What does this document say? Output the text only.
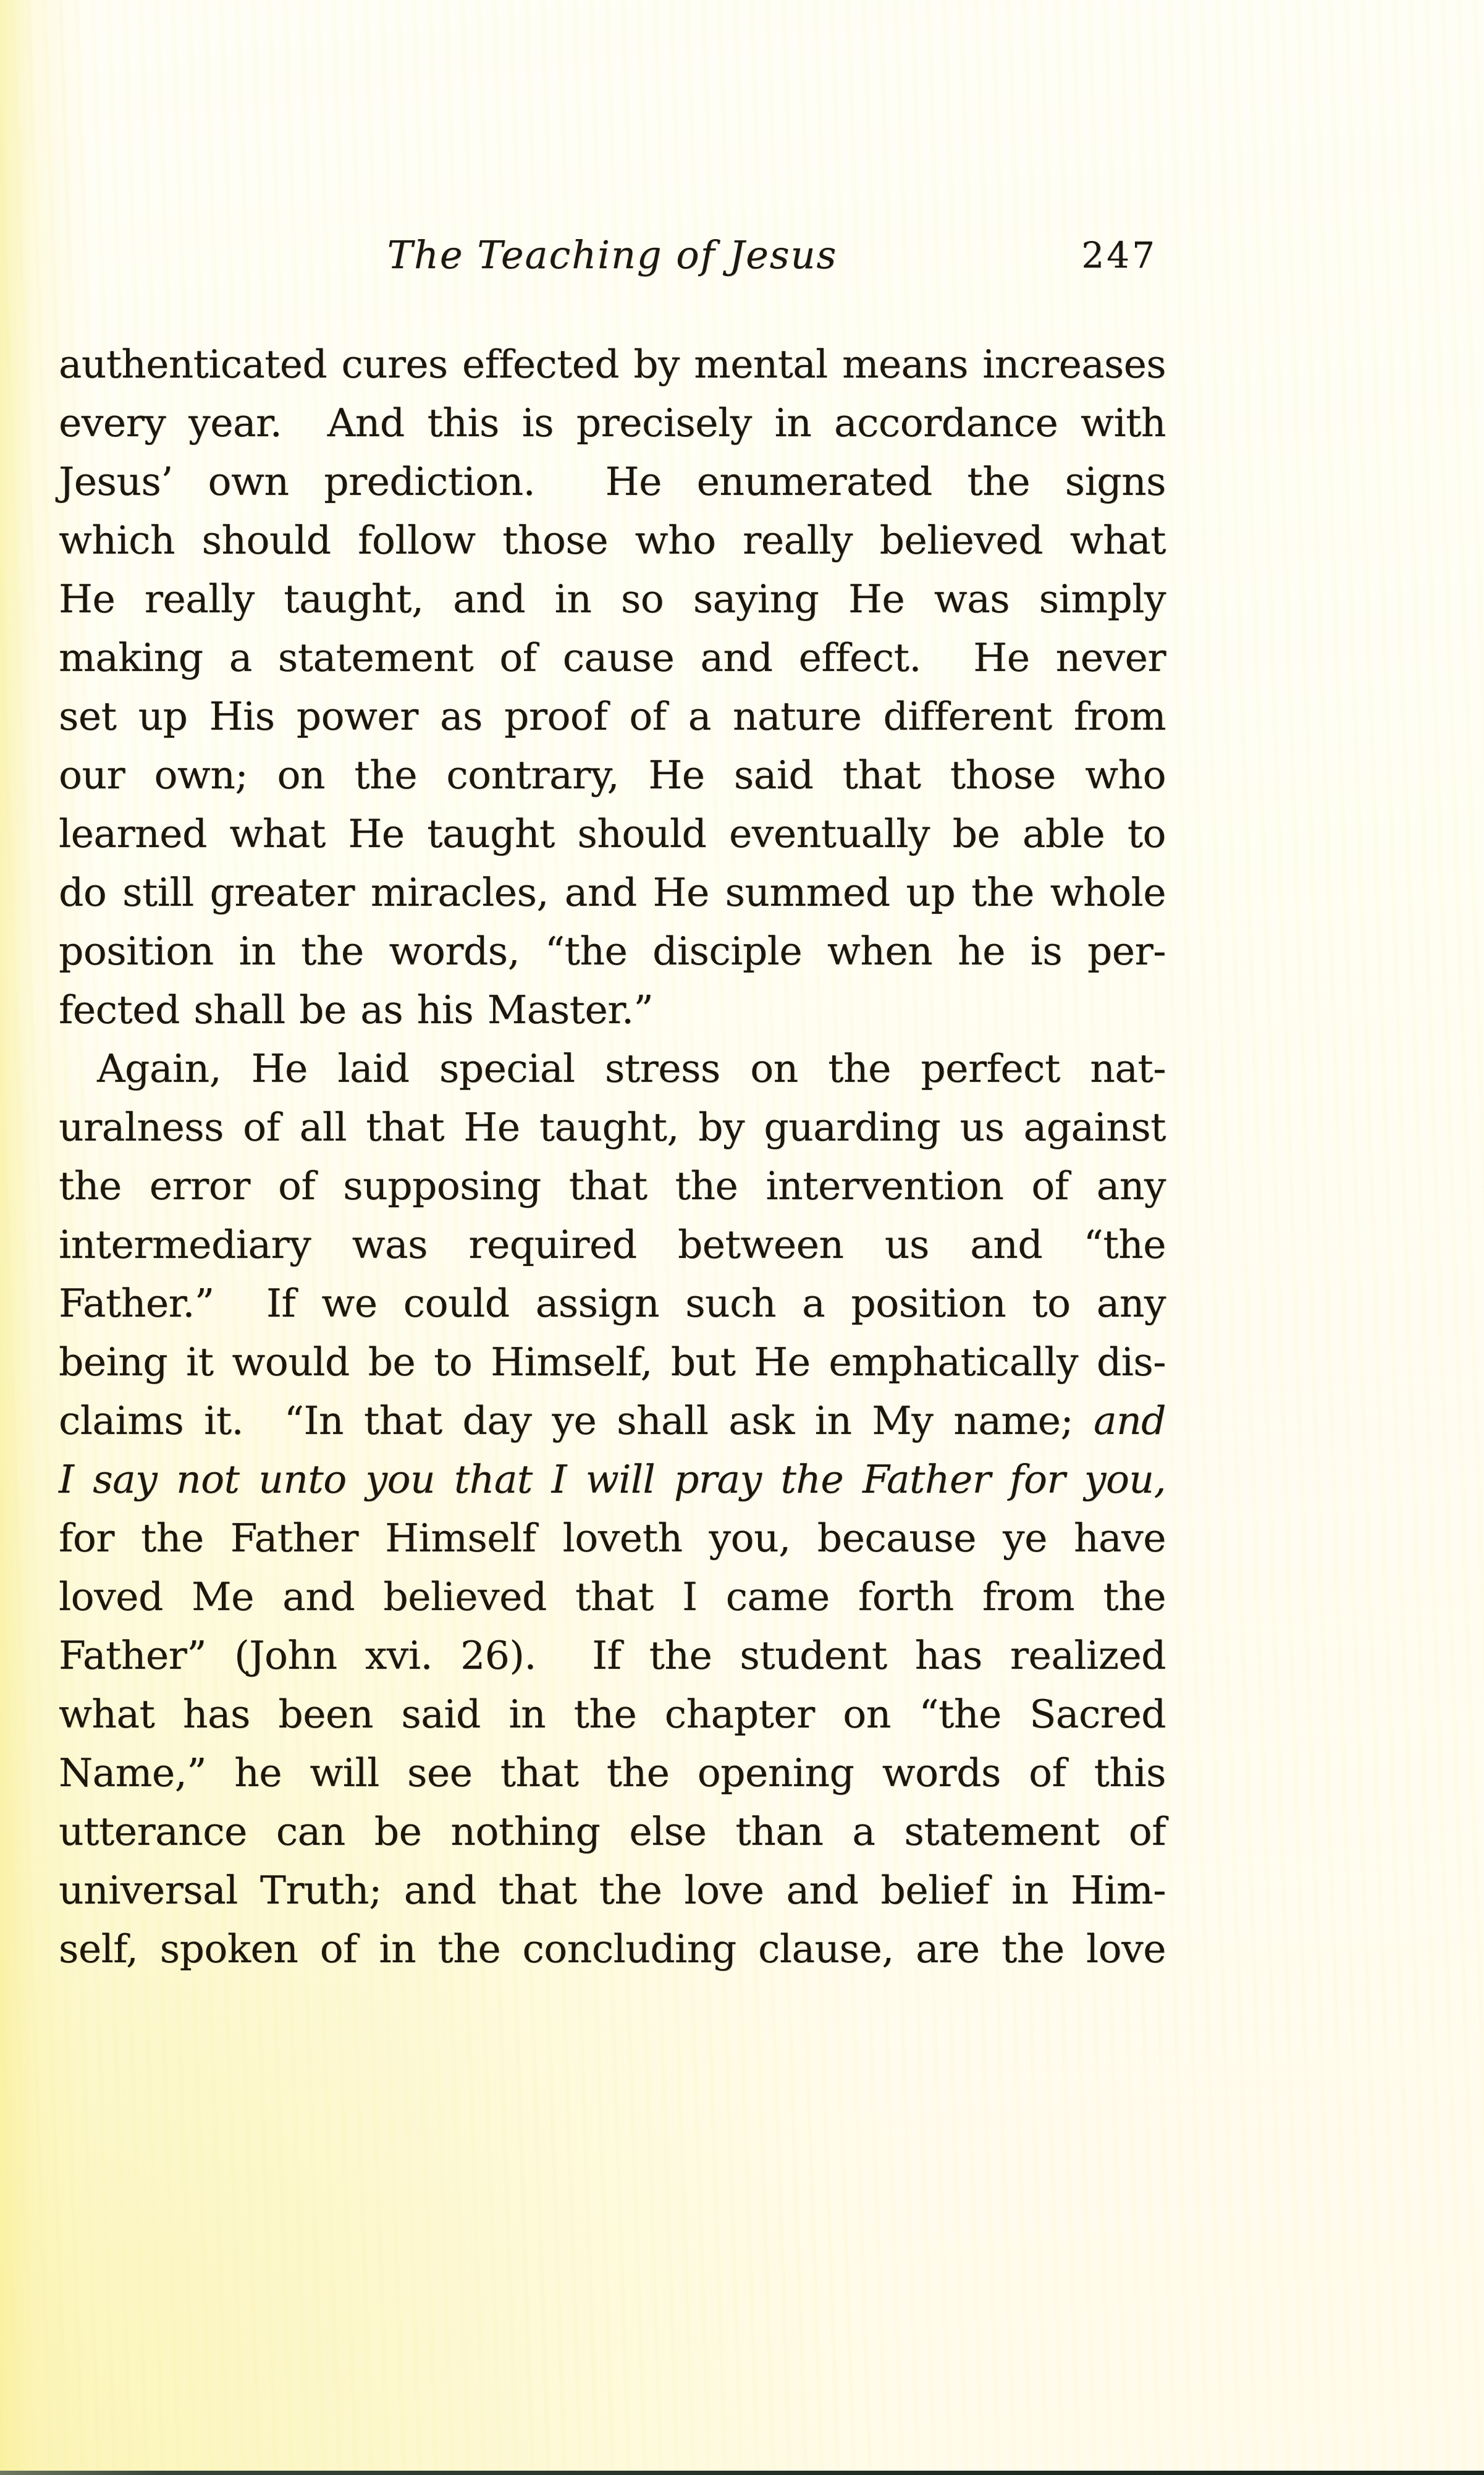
The Teaching of Jesus	247
authenticated cures effected by mental means increases
every year.  And this is precisely in accordance with
Jesus’ own prediction.  He enumerated the signs
which should follow those who really believed what
He really taught, and in so saying He was simply
making a statement of cause and effect.  He never
set up His power as proof of a nature different from
our own; on the contrary, He said that those who
learned what He taught should eventually be able to
do still greater miracles, and He summed up the whole
position in the words, “the disciple when he is per-
fected shall be as his Master.”
Again, He laid special stress on the perfect nat-
uralness of all that He taught, by guarding us against
the error of supposing that the intervention of any
intermediary was required between us and “the
Father.”  If we could assign such a position to any
being it would be to Himself, but He emphatically dis-
claims it.  “In that day ye shall ask in My name; and
I say not unto you that I will pray the Father for you,
for the Father Himself loveth you, because ye have
loved Me and believed that I came forth from the
Father” (John xvi. 26).  If the student has realized
what has been said in the chapter on “the Sacred
Name,” he will see that the opening words of this
utterance can be nothing else than a statement of
universal Truth; and that the love and belief in Him-
self, spoken of in the concluding clause, are the love
